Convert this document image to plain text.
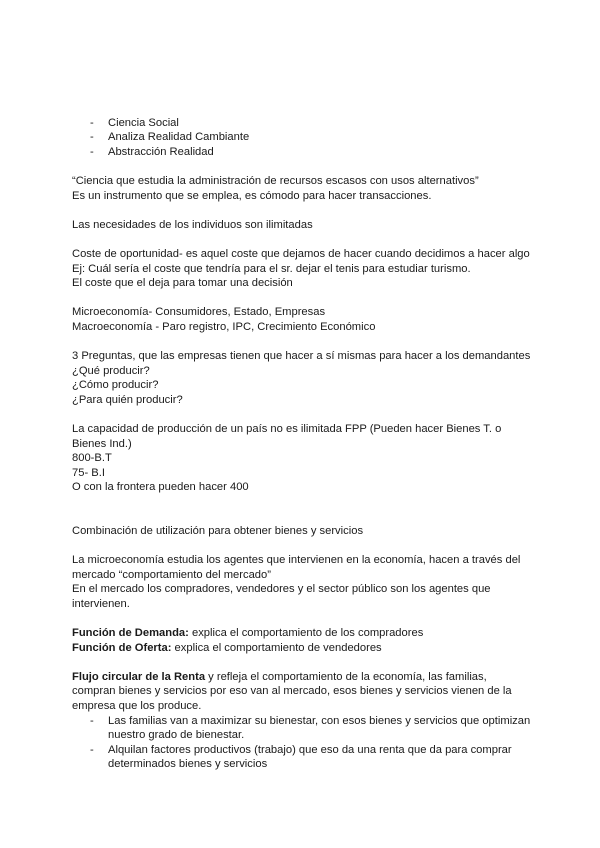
- Ciencia Social
- Analiza Realidad Cambiante
- Abstracción Realidad
“Ciencia que estudia la administración de recursos escasos con usos alternativos”
Es un instrumento que se emplea, es cómodo para hacer transacciones.
Las necesidades de los individuos son ilimitadas
Coste de oportunidad- es aquel coste que dejamos de hacer cuando decidimos a hacer algo
Ej: Cuál sería el coste que tendría para el sr. dejar el tenis para estudiar turismo.
El coste que el deja para tomar una decisión
Microeconomía- Consumidores, Estado, Empresas
Macroeconomía - Paro registro, IPC, Crecimiento Económico
3 Preguntas, que las empresas tienen que hacer a sí mismas para hacer a los demandantes
¿Qué producir?
¿Cómo producir?
¿Para quién producir?
La capacidad de producción de un país no es ilimitada FPP (Pueden hacer Bienes T. o
Bienes Ind.)
800-B.T
75- B.I
O con la frontera pueden hacer 400
Combinación de utilización para obtener bienes y servicios
La microeconomía estudia los agentes que intervienen en la economía, hacen a través del
mercado “comportamiento del mercado”
En el mercado los compradores, vendedores y el sector público son los agentes que
intervienen.
Función de Demanda: explica el comportamiento de los compradores
Función de Oferta: explica el comportamiento de vendedores
Flujo circular de la Renta y refleja el comportamiento de la economía, las familias,
compran bienes y servicios por eso van al mercado, esos bienes y servicios vienen de la
empresa que los produce.
- Las familias van a maximizar su bienestar, con esos bienes y servicios que optimizan
nuestro grado de bienestar.
- Alquilan factores productivos (trabajo) que eso da una renta que da para comprar
determinados bienes y servicios
